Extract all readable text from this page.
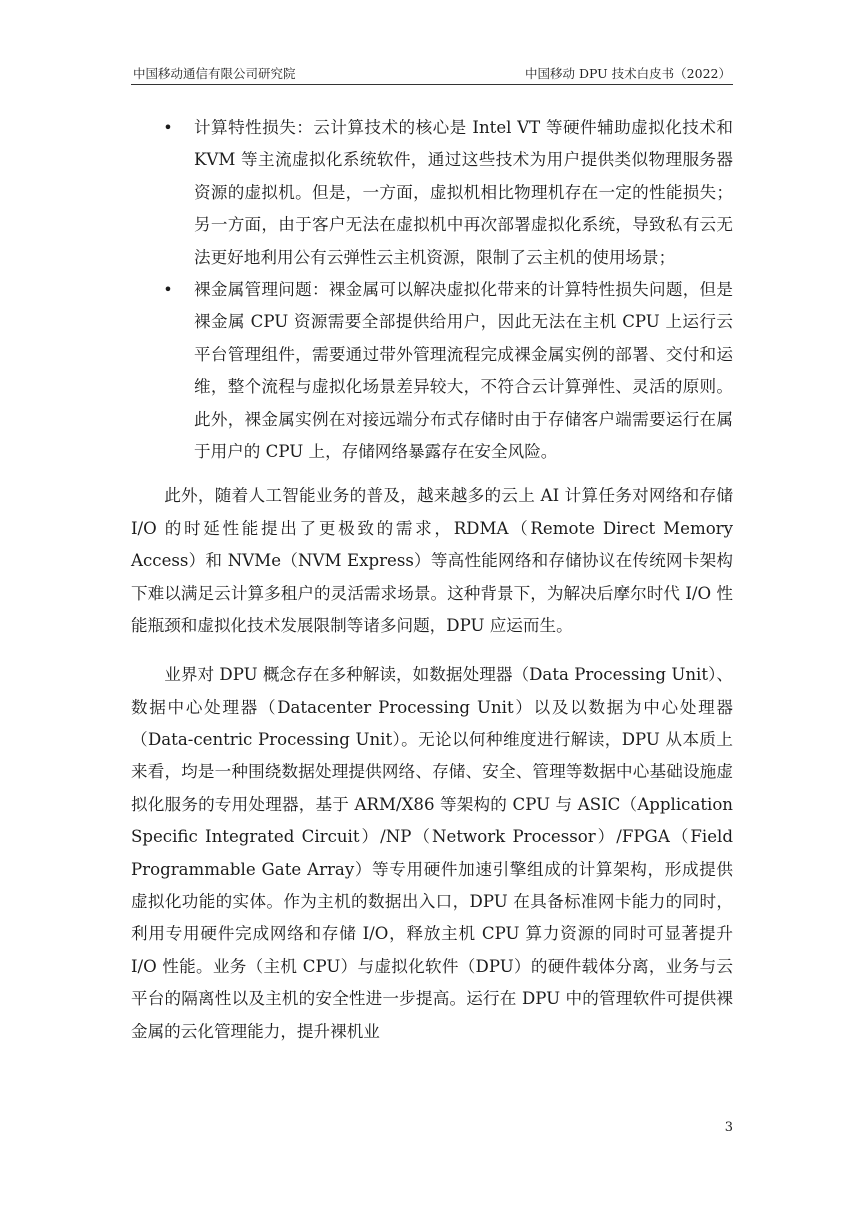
中国移动通信有限公司研究院	中国移动 DPU 技术白皮书（2022）
• 计算特性损失：云计算技术的核心是 Intel VT 等硬件辅助虚拟化技术和 KVM 等主流虚拟化系统软件，通过这些技术为用户提供类似物理服务器资源的虚拟机。但是，一方面，虚拟机相比物理机存在一定的性能损失；另一方面，由于客户无法在虚拟机中再次部署虚拟化系统，导致私有云无法更好地利用公有云弹性云主机资源，限制了云主机的使用场景；
• 裸金属管理问题：裸金属可以解决虚拟化带来的计算特性损失问题，但是裸金属 CPU 资源需要全部提供给用户，因此无法在主机 CPU 上运行云平台管理组件，需要通过带外管理流程完成裸金属实例的部署、交付和运维，整个流程与虚拟化场景差异较大，不符合云计算弹性、灵活的原则。此外，裸金属实例在对接远端分布式存储时由于存储客户端需要运行在属于用户的 CPU 上，存储网络暴露存在安全风险。

此外，随着人工智能业务的普及，越来越多的云上 AI 计算任务对网络和存储 I/O 的时延性能提出了更极致的需求，RDMA（Remote Direct Memory Access）和 NVMe（NVM Express）等高性能网络和存储协议在传统网卡架构下难以满足云计算多租户的灵活需求场景。这种背景下，为解决后摩尔时代 I/O 性能瓶颈和虚拟化技术发展限制等诸多问题，DPU 应运而生。

业界对 DPU 概念存在多种解读，如数据处理器（Data Processing Unit）、数据中心处理器（Datacenter Processing Unit）以及以数据为中心处理器（Data-centric Processing Unit）。无论以何种维度进行解读，DPU 从本质上来看，均是一种围绕数据处理提供网络、存储、安全、管理等数据中心基础设施虚拟化服务的专用处理器，基于 ARM/X86 等架构的 CPU 与 ASIC（Application Specific Integrated Circuit）/NP（Network Processor）/FPGA（Field Programmable Gate Array）等专用硬件加速引擎组成的计算架构，形成提供虚拟化功能的实体。作为主机的数据出入口，DPU 在具备标准网卡能力的同时，利用专用硬件完成网络和存储 I/O，释放主机 CPU 算力资源的同时可显著提升 I/O 性能。业务（主机 CPU）与虚拟化软件（DPU）的硬件载体分离，业务与云平台的隔离性以及主机的安全性进一步提高。运行在 DPU 中的管理软件可提供裸金属的云化管理能力，提升裸机业

3
